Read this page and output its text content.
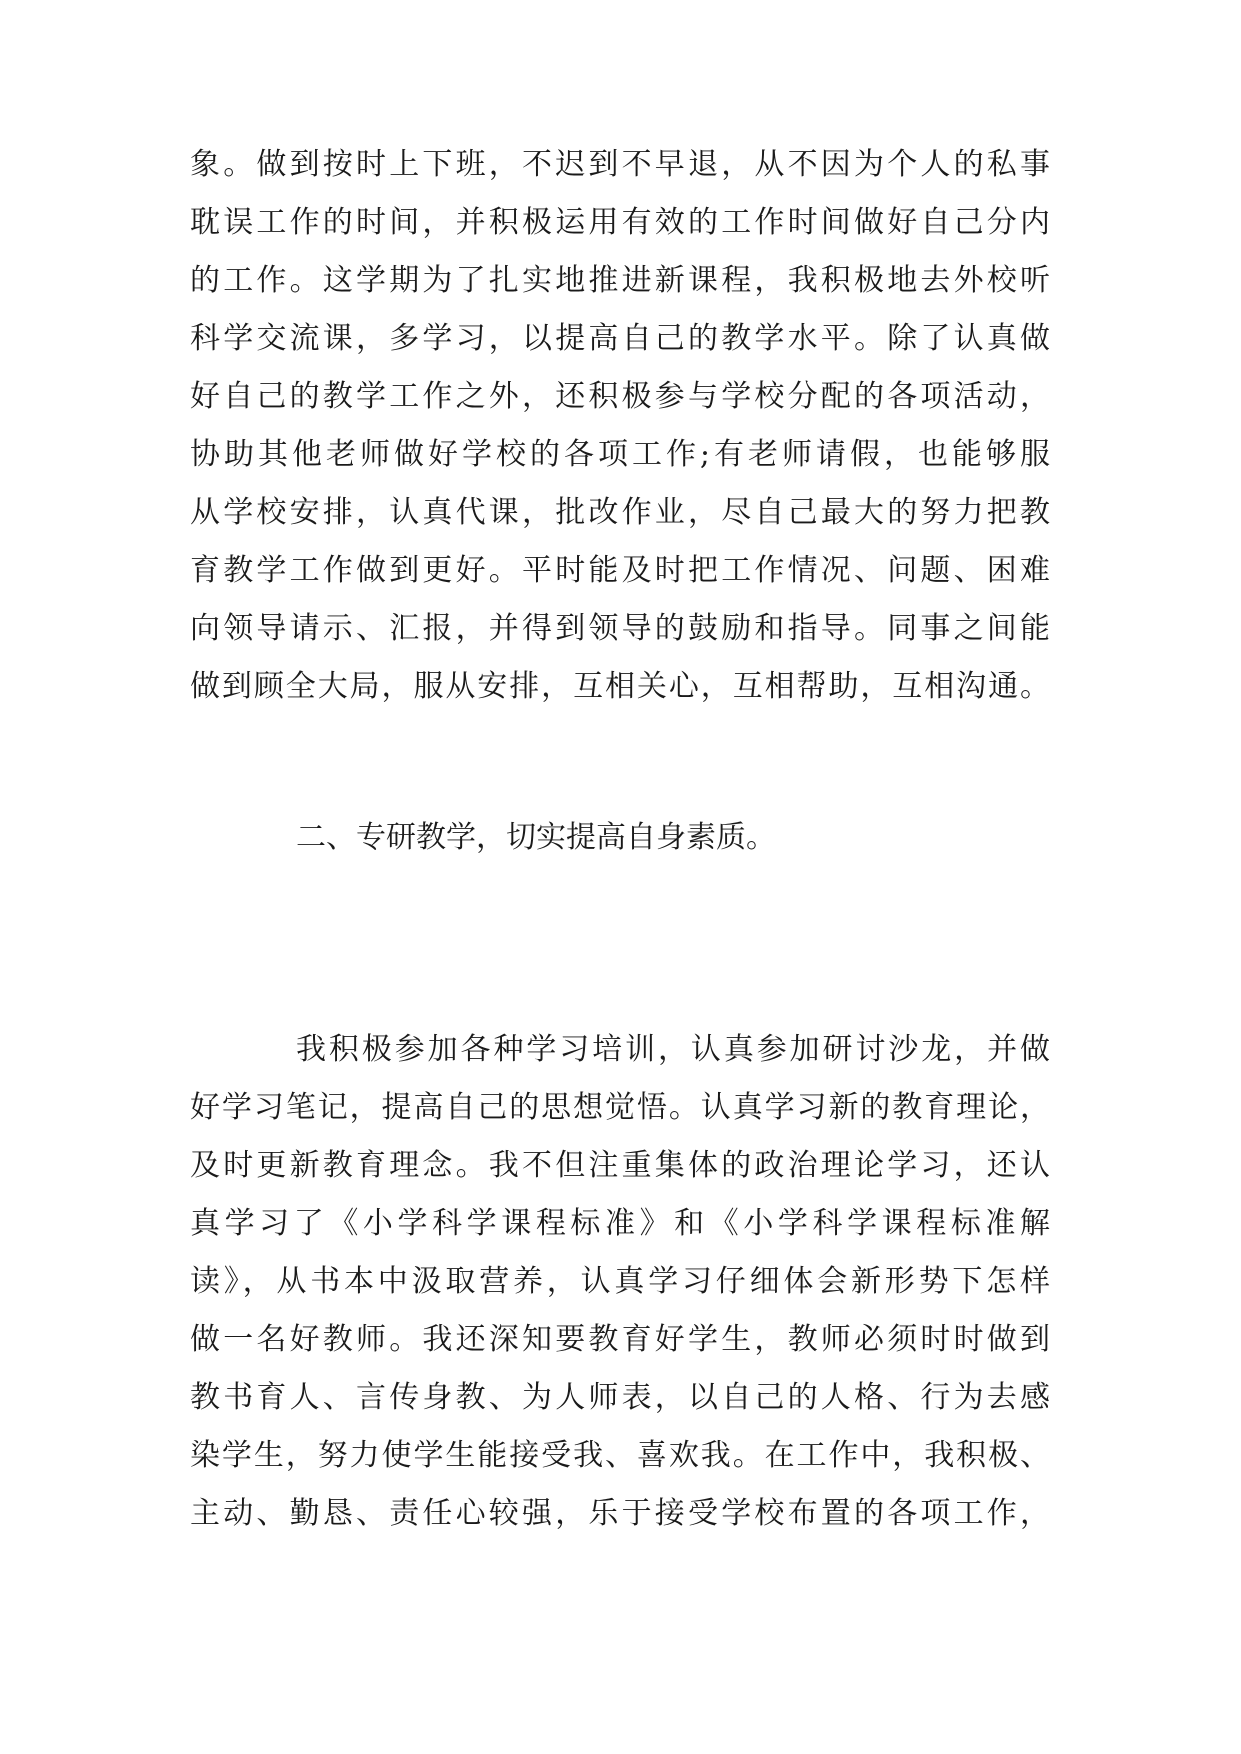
象。做到按时上下班，不迟到不早退，从不因为个人的私事
耽误工作的时间，并积极运用有效的工作时间做好自己分内
的工作。这学期为了扎实地推进新课程，我积极地去外校听
科学交流课，多学习，以提高自己的教学水平。除了认真做
好自己的教学工作之外，还积极参与学校分配的各项活动，
协助其他老师做好学校的各项工作;有老师请假，也能够服
从学校安排，认真代课，批改作业，尽自己最大的努力把教
育教学工作做到更好。平时能及时把工作情况、问题、困难
向领导请示、汇报，并得到领导的鼓励和指导。同事之间能
做到顾全大局，服从安排，互相关心，互相帮助，互相沟通。
二、专研教学，切实提高自身素质。
我积极参加各种学习培训，认真参加研讨沙龙，并做
好学习笔记，提高自己的思想觉悟。认真学习新的教育理论，
及时更新教育理念。我不但注重集体的政治理论学习，还认
真学习了《小学科学课程标准》和《小学科学课程标准解
读》，从书本中汲取营养，认真学习仔细体会新形势下怎样
做一名好教师。我还深知要教育好学生，教师必须时时做到
教书育人、言传身教、为人师表，以自己的人格、行为去感
染学生，努力使学生能接受我、喜欢我。在工作中，我积极、
主动、勤恳、责任心较强，乐于接受学校布置的各项工作，
